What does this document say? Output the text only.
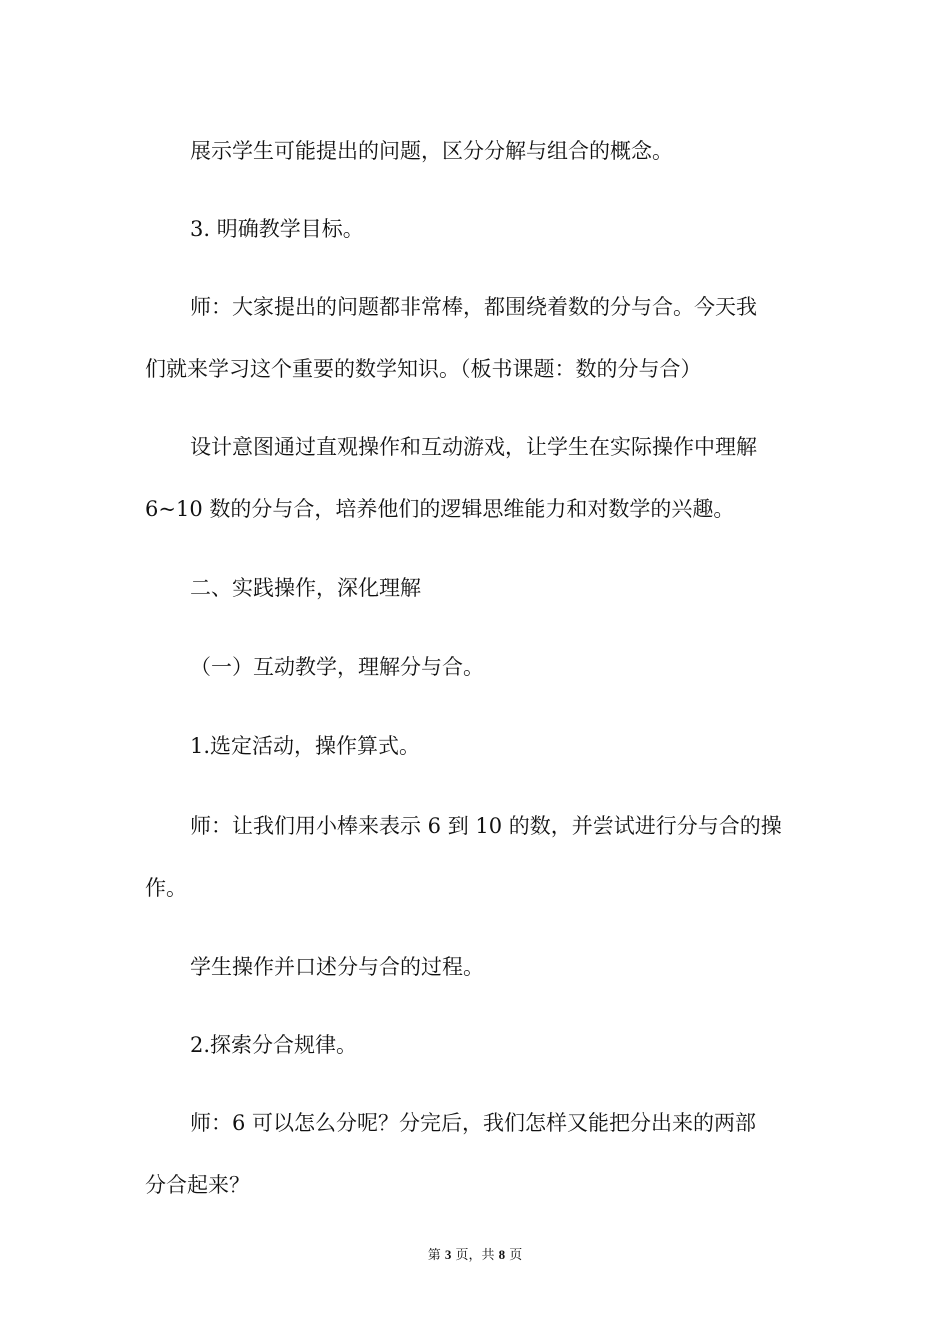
展示学生可能提出的问题，区分分解与组合的概念。
3. 明确教学目标。
师：大家提出的问题都非常棒，都围绕着数的分与合。今天我
们就来学习这个重要的数学知识。（板书课题：数的分与合）
设计意图通过直观操作和互动游戏，让学生在实际操作中理解
6~10 数的分与合，培养他们的逻辑思维能力和对数学的兴趣。
二、实践操作，深化理解
（一）互动教学，理解分与合。
1.选定活动，操作算式。
师：让我们用小棒来表示 6 到 10 的数，并尝试进行分与合的操
作。
学生操作并口述分与合的过程。
2.探索分合规律。
师：6 可以怎么分呢？分完后，我们怎样又能把分出来的两部
分合起来？
第 3 页，共 8 页
